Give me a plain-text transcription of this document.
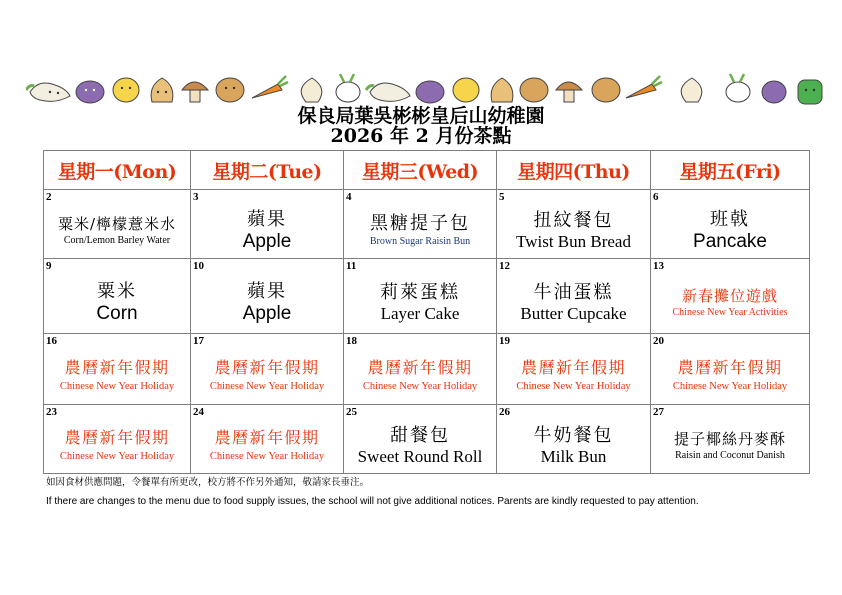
保良局葉吳彬彬皇后山幼稚園
2026 年 2 月份茶點
星期一(Mon)	星期二(Tue)	星期三(Wed)	星期四(Thu)	星期五(Fri)

2
粟米/檸檬薏米水
Corn/Lemon Barley Water	3
蘋果
Apple	4
黑糖提子包
Brown Sugar Raisin Bun	5
扭紋餐包
Twist Bun Bread	6
班戟
Pancake

9
粟米
Corn	10
蘋果
Apple	11
莉萊蛋糕
Layer Cake	12
牛油蛋糕
Butter Cupcake	13
新春攤位遊戲
Chinese New Year Activities

16
農曆新年假期
Chinese New Year Holiday	17
農曆新年假期
Chinese New Year Holiday	18
農曆新年假期
Chinese New Year Holiday	19
農曆新年假期
Chinese New Year Holiday	20
農曆新年假期
Chinese New Year Holiday

23
農曆新年假期
Chinese New Year Holiday	24
農曆新年假期
Chinese New Year Holiday	25
甜餐包
Sweet Round Roll	26
牛奶餐包
Milk Bun	27
提子椰絲丹麥酥
Raisin and Coconut Danish
如因食材供應問題，令餐單有所更改，校方將不作另外通知，敬請家長垂注。
If there are changes to the menu due to food supply issues, the school will not give additional notices. Parents are kindly requested to pay attention.
